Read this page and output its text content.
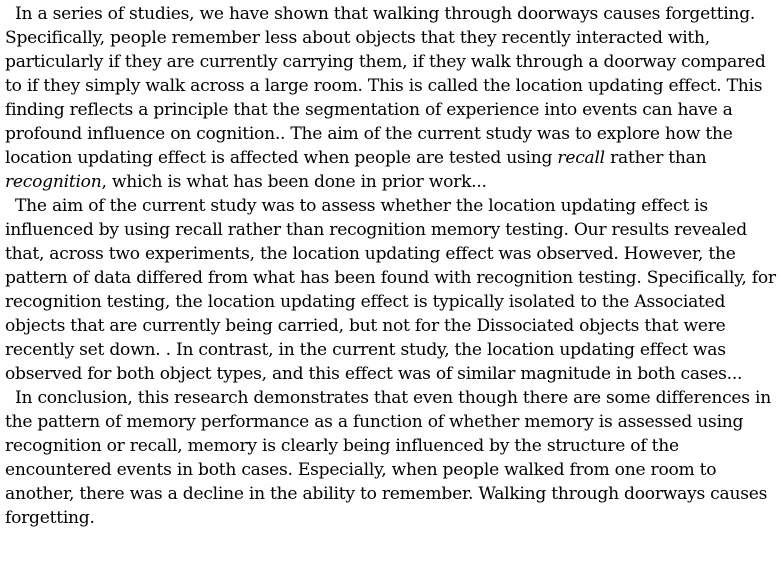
In a series of studies, we have shown that walking through doorways causes forgetting. Specifically, people remember less about objects that they recently interacted with, particularly if they are currently carrying them, if they walk through a doorway compared to if they simply walk across a large room. This is called the location updating effect. This finding reflects a principle that the segmentation of experience into events can have a profound influence on cognition.. The aim of the current study was to explore how the location updating effect is affected when people are tested using recall rather than recognition, which is what has been done in prior work...

The aim of the current study was to assess whether the location updating effect is influenced by using recall rather than recognition memory testing. Our results revealed that, across two experiments, the location updating effect was observed. However, the pattern of data differed from what has been found with recognition testing. Specifically, for recognition testing, the location updating effect is typically isolated to the Associated objects that are currently being carried, but not for the Dissociated objects that were recently set down. . In contrast, in the current study, the location updating effect was observed for both object types, and this effect was of similar magnitude in both cases...

In conclusion, this research demonstrates that even though there are some differences in the pattern of memory performance as a function of whether memory is assessed using recognition or recall, memory is clearly being influenced by the structure of the encountered events in both cases. Especially, when people walked from one room to another, there was a decline in the ability to remember. Walking through doorways causes forgetting.
